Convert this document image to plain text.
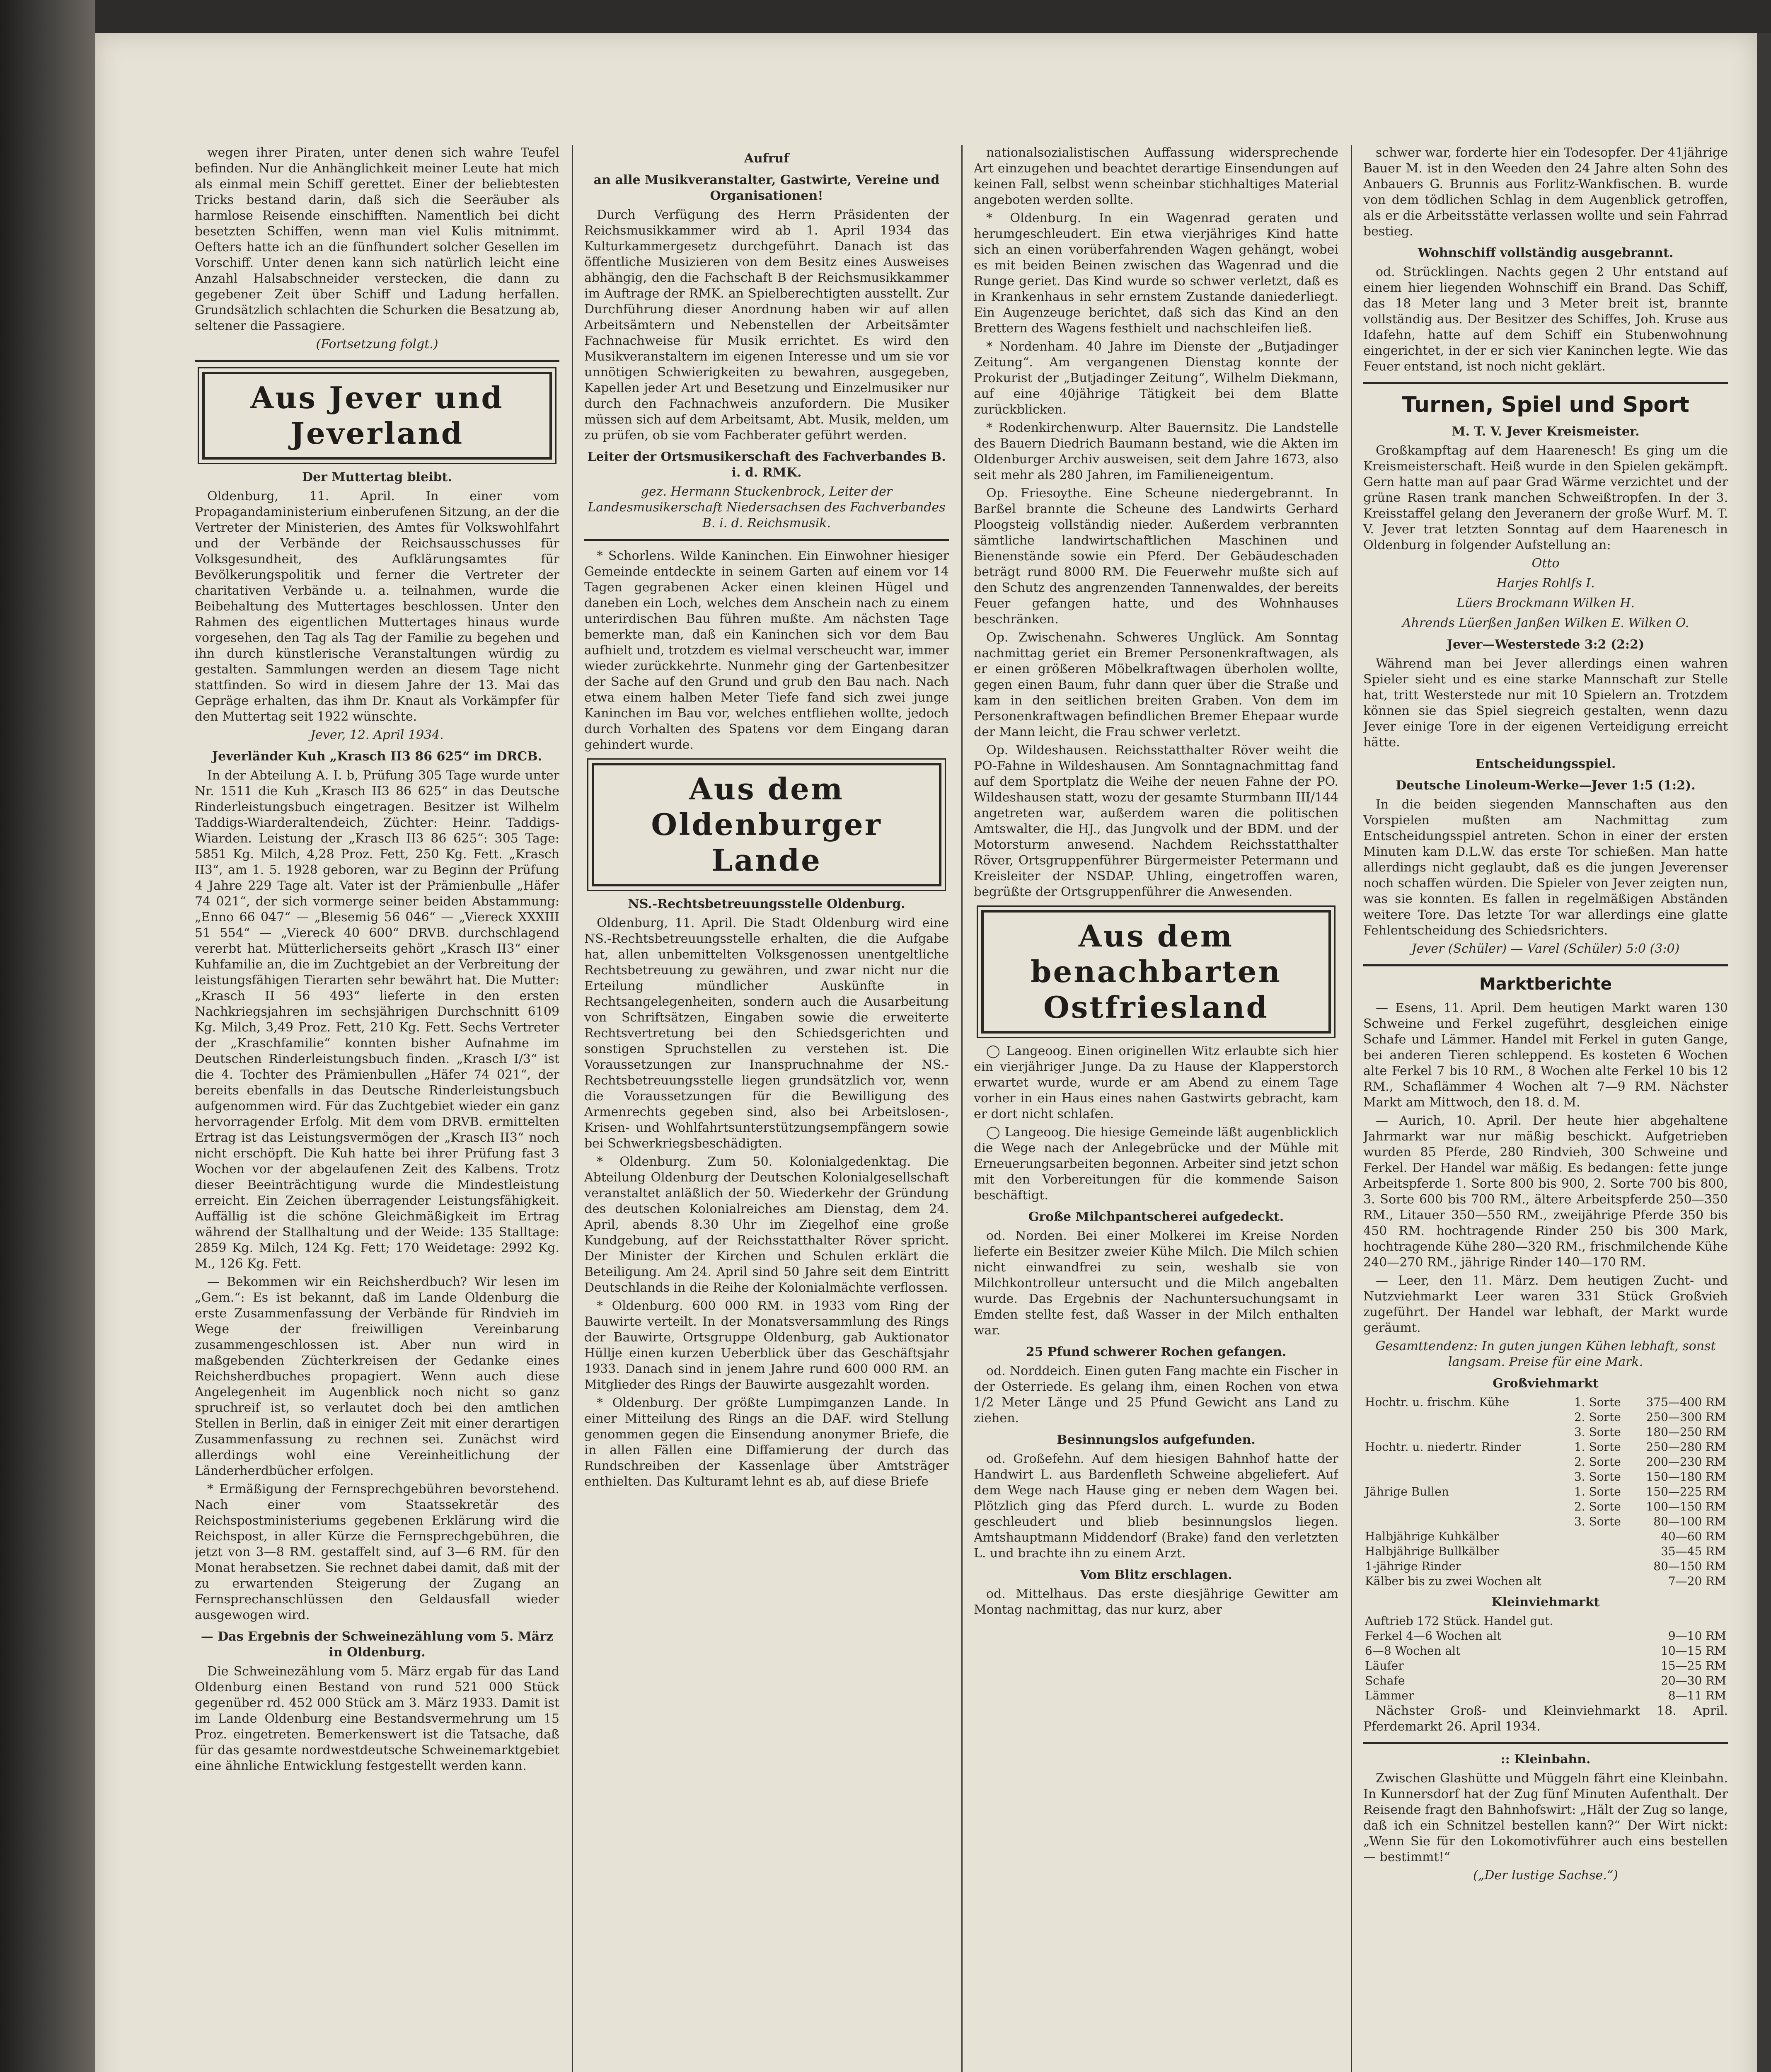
wegen ihrer Piraten, unter denen sich wahre Teufel befinden. Nur die Anhänglichkeit meiner Leute hat mich als einmal mein Schiff gerettet. Einer der beliebtesten Tricks bestand darin, daß sich die Seeräuber als harmlose Reisende einschifften. Namentlich bei dicht besetzten Schiffen, wenn man viel Kulis mitnimmt. Oefters hatte ich an die fünfhundert solcher Gesellen im Vorschiff. Unter denen kann sich natürlich leicht eine Anzahl Halsabschneider verstecken, die dann zu gegebener Zeit über Schiff und Ladung herfallen. Grundsätzlich schlachten die Schurken die Besatzung ab, seltener die Passagiere.

(Fortsetzung folgt.)

Aus Jever und Jeverland

Der Muttertag bleibt.

Oldenburg, 11. April. In einer vom Propagandaministerium einberufenen Sitzung, an der die Vertreter der Ministerien, des Amtes für Volkswohlfahrt und der Verbände der Reichsausschusses für Volksgesundheit, des Aufklärungsamtes für Bevölkerungspolitik und ferner die Vertreter der charitativen Verbände u. a. teilnahmen, wurde die Beibehaltung des Muttertages beschlossen. Unter den Rahmen des eigentlichen Muttertages hinaus wurde vorgesehen, den Tag als Tag der Familie zu begehen und ihn durch künstlerische Veranstaltungen würdig zu gestalten. Sammlungen werden an diesem Tage nicht stattfinden. So wird in diesem Jahre der 13. Mai das Gepräge erhalten, das ihm Dr. Knaut als Vorkämpfer für den Muttertag seit 1922 wünschte.

Jever, 12. April 1934.

Jeverländer Kuh „Krasch II3 86 625“ im DRCB.

In der Abteilung A. I. b, Prüfung 305 Tage wurde unter Nr. 1511 die Kuh „Krasch II3 86 625“ in das Deutsche Rinderleistungsbuch eingetragen. Besitzer ist Wilhelm Taddigs-Wiarderaltendeich, Züchter: Heinr. Taddigs-Wiarden. Leistung der „Krasch II3 86 625“: 305 Tage: 5851 Kg. Milch, 4,28 Proz. Fett, 250 Kg. Fett. „Krasch II3“, am 1. 5. 1928 geboren, war zu Beginn der Prüfung 4 Jahre 229 Tage alt. Vater ist der Prämienbulle „Häfer 74 021“, der sich vormerge seiner beiden Abstammung: „Enno 66 047“ — „Blesemig 56 046“ — „Viereck XXXIII 51 554“ — „Viereck 40 600“ DRVB. durchschlagend vererbt hat. Mütterlicherseits gehört „Krasch II3“ einer Kuhfamilie an, die im Zuchtgebiet an der Verbreitung der leistungsfähigen Tierarten sehr bewährt hat. Die Mutter: „Krasch II 56 493“ lieferte in den ersten Nachkriegsjahren im sechsjährigen Durchschnitt 6109 Kg. Milch, 3,49 Proz. Fett, 210 Kg. Fett. Sechs Vertreter der „Kraschfamilie“ konnten bisher Aufnahme im Deutschen Rinderleistungsbuch finden. „Krasch I/3“ ist die 4. Tochter des Prämienbullen „Häfer 74 021“, der bereits ebenfalls in das Deutsche Rinderleistungsbuch aufgenommen wird. Für das Zuchtgebiet wieder ein ganz hervorragender Erfolg. Mit dem vom DRVB. ermittelten Ertrag ist das Leistungsvermögen der „Krasch II3“ noch nicht erschöpft. Die Kuh hatte bei ihrer Prüfung fast 3 Wochen vor der abgelaufenen Zeit des Kalbens. Trotz dieser Beeinträchtigung wurde die Mindestleistung erreicht. Ein Zeichen überragender Leistungsfähigkeit. Auffällig ist die schöne Gleichmäßigkeit im Ertrag während der Stallhaltung und der Weide: 135 Stalltage: 2859 Kg. Milch, 124 Kg. Fett; 170 Weidetage: 2992 Kg. M., 126 Kg. Fett.

— Bekommen wir ein Reichsherdbuch? Wir lesen im „Gem.“: Es ist bekannt, daß im Lande Oldenburg die erste Zusammenfassung der Verbände für Rindvieh im Wege der freiwilligen Vereinbarung zusammengeschlossen ist. Aber nun wird in maßgebenden Züchterkreisen der Gedanke eines Reichsherdbuches propagiert. Wenn auch diese Angelegenheit im Augenblick noch nicht so ganz spruchreif ist, so verlautet doch bei den amtlichen Stellen in Berlin, daß in einiger Zeit mit einer derartigen Zusammenfassung zu rechnen sei. Zunächst wird allerdings wohl eine Vereinheitlichung der Länderherdbücher erfolgen.

* Ermäßigung der Fernsprechgebühren bevorstehend. Nach einer vom Staatssekretär des Reichspostministeriums gegebenen Erklärung wird die Reichspost, in aller Kürze die Fernsprechgebühren, die jetzt von 3—8 RM. gestaffelt sind, auf 3—6 RM. für den Monat herabsetzen. Sie rechnet dabei damit, daß mit der zu erwartenden Steigerung der Zugang an Fernsprechanschlüssen den Geldausfall wieder ausgewogen wird.

— Das Ergebnis der Schweinezählung vom 5. März in Oldenburg.

Die Schweinezählung vom 5. März ergab für das Land Oldenburg einen Bestand von rund 521 000 Stück gegenüber rd. 452 000 Stück am 3. März 1933. Damit ist im Lande Oldenburg eine Bestandsvermehrung um 15 Proz. eingetreten. Bemerkenswert ist die Tatsache, daß für das gesamte nordwestdeutsche Schweinemarktgebiet eine ähnliche Entwicklung festgestellt werden kann.

Aufruf

an alle Musikveranstalter, Gastwirte, Vereine und Organisationen!

Durch Verfügung des Herrn Präsidenten der Reichsmusikkammer wird ab 1. April 1934 das Kulturkammergesetz durchgeführt. Danach ist das öffentliche Musizieren von dem Besitz eines Ausweises abhängig, den die Fachschaft B der Reichsmusikkammer im Auftrage der RMK. an Spielberechtigten ausstellt. Zur Durchführung dieser Anordnung haben wir auf allen Arbeitsämtern und Nebenstellen der Arbeitsämter Fachnachweise für Musik errichtet. Es wird den Musikveranstaltern im eigenen Interesse und um sie vor unnötigen Schwierigkeiten zu bewahren, ausgegeben, Kapellen jeder Art und Besetzung und Einzelmusiker nur durch den Fachnachweis anzufordern. Die Musiker müssen sich auf dem Arbeitsamt, Abt. Musik, melden, um zu prüfen, ob sie vom Fachberater geführt werden.

Leiter der Ortsmusikerschaft des Fachverbandes B. i. d. RMK.

gez. Hermann Stuckenbrock, Leiter der Landesmusikerschaft Niedersachsen des Fachverbandes B. i. d. Reichsmusik.

* Schorlens. Wilde Kaninchen. Ein Einwohner hiesiger Gemeinde entdeckte in seinem Garten auf einem vor 14 Tagen gegrabenen Acker einen kleinen Hügel und daneben ein Loch, welches dem Anschein nach zu einem unterirdischen Bau führen mußte. Am nächsten Tage bemerkte man, daß ein Kaninchen sich vor dem Bau aufhielt und, trotzdem es vielmal verscheucht war, immer wieder zurückkehrte. Nunmehr ging der Gartenbesitzer der Sache auf den Grund und grub den Bau nach. Nach etwa einem halben Meter Tiefe fand sich zwei junge Kaninchen im Bau vor, welches entfliehen wollte, jedoch durch Vorhalten des Spatens vor dem Eingang daran gehindert wurde.

Aus dem Oldenburger Lande

NS.-Rechtsbetreuungsstelle Oldenburg.

Oldenburg, 11. April. Die Stadt Oldenburg wird eine NS.-Rechtsbetreuungsstelle erhalten, die die Aufgabe hat, allen unbemittelten Volksgenossen unentgeltliche Rechtsbetreuung zu gewähren, und zwar nicht nur die Erteilung mündlicher Auskünfte in Rechtsangelegenheiten, sondern auch die Ausarbeitung von Schriftsätzen, Eingaben sowie die erweiterte Rechtsvertretung bei den Schiedsgerichten und sonstigen Spruchstellen zu verstehen ist. Die Voraussetzungen zur Inanspruchnahme der NS.-Rechtsbetreuungsstelle liegen grundsätzlich vor, wenn die Voraussetzungen für die Bewilligung des Armenrechts gegeben sind, also bei Arbeitslosen-, Krisen- und Wohlfahrtsunterstützungsempfängern sowie bei Schwerkriegsbeschädigten.

* Oldenburg. Zum 50. Kolonialgedenktag. Die Abteilung Oldenburg der Deutschen Kolonialgesellschaft veranstaltet anläßlich der 50. Wiederkehr der Gründung des deutschen Kolonialreiches am Dienstag, dem 24. April, abends 8.30 Uhr im Ziegelhof eine große Kundgebung, auf der Reichsstatthalter Röver spricht. Der Minister der Kirchen und Schulen erklärt die Beteiligung. Am 24. April sind 50 Jahre seit dem Eintritt Deutschlands in die Reihe der Kolonialmächte verflossen.

* Oldenburg. 600 000 RM. in 1933 vom Ring der Bauwirte verteilt. In der Monatsversammlung des Rings der Bauwirte, Ortsgruppe Oldenburg, gab Auktionator Hüllje einen kurzen Ueberblick über das Geschäftsjahr 1933. Danach sind in jenem Jahre rund 600 000 RM. an Mitglieder des Rings der Bauwirte ausgezahlt worden.

* Oldenburg. Der größte Lumpimganzen Lande. In einer Mitteilung des Rings an die DAF. wird Stellung genommen gegen die Einsendung anonymer Briefe, die in allen Fällen eine Diffamierung der durch das Rundschreiben der Kassenlage über Amtsträger enthielten. Das Kulturamt lehnt es ab, auf diese Briefe

nationalsozialistischen Auffassung widersprechende Art einzugehen und beachtet derartige Einsendungen auf keinen Fall, selbst wenn scheinbar stichhaltiges Material angeboten werden sollte.

* Oldenburg. In ein Wagenrad geraten und herumgeschleudert. Ein etwa vierjähriges Kind hatte sich an einen vorüberfahrenden Wagen gehängt, wobei es mit beiden Beinen zwischen das Wagenrad und die Runge geriet. Das Kind wurde so schwer verletzt, daß es in Krankenhaus in sehr ernstem Zustande daniederliegt. Ein Augenzeuge berichtet, daß sich das Kind an den Brettern des Wagens festhielt und nachschleifen ließ.

* Nordenham. 40 Jahre im Dienste der „Butjadinger Zeitung“. Am vergangenen Dienstag konnte der Prokurist der „Butjadinger Zeitung“, Wilhelm Diekmann, auf eine 40jährige Tätigkeit bei dem Blatte zurückblicken.

* Rodenkirchenwurp. Alter Bauernsitz. Die Landstelle des Bauern Diedrich Baumann bestand, wie die Akten im Oldenburger Archiv ausweisen, seit dem Jahre 1673, also seit mehr als 280 Jahren, im Familieneigentum.

Op. Friesoythe. Eine Scheune niedergebrannt. In Barßel brannte die Scheune des Landwirts Gerhard Ploogsteig vollständig nieder. Außerdem verbrannten sämtliche landwirtschaftlichen Maschinen und Bienenstände sowie ein Pferd. Der Gebäudeschaden beträgt rund 8000 RM. Die Feuerwehr mußte sich auf den Schutz des angrenzenden Tannenwaldes, der bereits Feuer gefangen hatte, und des Wohnhauses beschränken.

Op. Zwischenahn. Schweres Unglück. Am Sonntag nachmittag geriet ein Bremer Personenkraftwagen, als er einen größeren Möbelkraftwagen überholen wollte, gegen einen Baum, fuhr dann quer über die Straße und kam in den seitlichen breiten Graben. Von dem im Personenkraftwagen befindlichen Bremer Ehepaar wurde der Mann leicht, die Frau schwer verletzt.

Op. Wildeshausen. Reichsstatthalter Röver weiht die PO-Fahne in Wildeshausen. Am Sonntagnachmittag fand auf dem Sportplatz die Weihe der neuen Fahne der PO. Wildeshausen statt, wozu der gesamte Sturmbann III/144 angetreten war, außerdem waren die politischen Amtswalter, die HJ., das Jungvolk und der BDM. und der Motorsturm anwesend. Nachdem Reichsstatthalter Röver, Ortsgruppenführer Bürgermeister Petermann und Kreisleiter der NSDAP. Uhling, eingetroffen waren, begrüßte der Ortsgruppenführer die Anwesenden.

Aus dem benachbarten Ostfriesland

◯ Langeoog. Einen originellen Witz erlaubte sich hier ein vierjähriger Junge. Da zu Hause der Klapperstorch erwartet wurde, wurde er am Abend zu einem Tage vorher in ein Haus eines nahen Gastwirts gebracht, kam er dort nicht schlafen.

◯ Langeoog. Die hiesige Gemeinde läßt augenblicklich die Wege nach der Anlegebrücke und der Mühle mit Erneuerungsarbeiten begonnen. Arbeiter sind jetzt schon mit den Vorbereitungen für die kommende Saison beschäftigt.

Große Milchpantscherei aufgedeckt.

od. Norden. Bei einer Molkerei im Kreise Norden lieferte ein Besitzer zweier Kühe Milch. Die Milch schien nicht einwandfrei zu sein, weshalb sie von Milchkontrolleur untersucht und die Milch angebalten wurde. Das Ergebnis der Nachuntersuchungsamt in Emden stellte fest, daß Wasser in der Milch enthalten war.

25 Pfund schwerer Rochen gefangen.

od. Norddeich. Einen guten Fang machte ein Fischer in der Osterriede. Es gelang ihm, einen Rochen von etwa 1/2 Meter Länge und 25 Pfund Gewicht ans Land zu ziehen.

Besinnungslos aufgefunden.

od. Großefehn. Auf dem hiesigen Bahnhof hatte der Handwirt L. aus Bardenfleth Schweine abgeliefert. Auf dem Wege nach Hause ging er neben dem Wagen bei. Plötzlich ging das Pferd durch. L. wurde zu Boden geschleudert und blieb besinnungslos liegen. Amtshauptmann Middendorf (Brake) fand den verletzten L. und brachte ihn zu einem Arzt.

Vom Blitz erschlagen.

od. Mittelhaus. Das erste diesjährige Gewitter am Montag nachmittag, das nur kurz, aber

schwer war, forderte hier ein Todesopfer. Der 41jährige Bauer M. ist in den Weeden den 24 Jahre alten Sohn des Anbauers G. Brunnis aus Forlitz-Wankfischen. B. wurde von dem tödlichen Schlag in dem Augenblick getroffen, als er die Arbeitsstätte verlassen wollte und sein Fahrrad bestieg.

Wohnschiff vollständig ausgebrannt.

od. Strücklingen. Nachts gegen 2 Uhr entstand auf einem hier liegenden Wohnschiff ein Brand. Das Schiff, das 18 Meter lang und 3 Meter breit ist, brannte vollständig aus. Der Besitzer des Schiffes, Joh. Kruse aus Idafehn, hatte auf dem Schiff ein Stubenwohnung eingerichtet, in der er sich vier Kaninchen legte. Wie das Feuer entstand, ist noch nicht geklärt.

Turnen, Spiel und Sport

M. T. V. Jever Kreismeister.

Großkampftag auf dem Haarenesch! Es ging um die Kreismeisterschaft. Heiß wurde in den Spielen gekämpft. Gern hatte man auf paar Grad Wärme verzichtet und der grüne Rasen trank manchen Schweißtropfen. In der 3. Kreisstaffel gelang den Jeveranern der große Wurf. M. T. V. Jever trat letzten Sonntag auf dem Haarenesch in Oldenburg in folgender Aufstellung an:

Otto

Harjes Rohlfs I.

Lüers Brockmann Wilken H.

Ahrends Lüerßen Janßen Wilken E. Wilken O.

Jever—Westerstede 3:2 (2:2)

Während man bei Jever allerdings einen wahren Spieler sieht und es eine starke Mannschaft zur Stelle hat, tritt Westerstede nur mit 10 Spielern an. Trotzdem können sie das Spiel siegreich gestalten, wenn dazu Jever einige Tore in der eigenen Verteidigung erreicht hätte.

Entscheidungsspiel.

Deutsche Linoleum-Werke—Jever 1:5 (1:2).

In die beiden siegenden Mannschaften aus den Vorspielen mußten am Nachmittag zum Entscheidungsspiel antreten. Schon in einer der ersten Minuten kam D.L.W. das erste Tor schießen. Man hatte allerdings nicht geglaubt, daß es die jungen Jeverenser noch schaffen würden. Die Spieler von Jever zeigten nun, was sie konnten. Es fallen in regelmäßigen Abständen weitere Tore. Das letzte Tor war allerdings eine glatte Fehlentscheidung des Schiedsrichters.

Jever (Schüler) — Varel (Schüler) 5:0 (3:0)

Marktberichte

— Esens, 11. April. Dem heutigen Markt waren 130 Schweine und Ferkel zugeführt, desgleichen einige Schafe und Lämmer. Handel mit Ferkel in guten Gange, bei anderen Tieren schleppend. Es kosteten 6 Wochen alte Ferkel 7 bis 10 RM., 8 Wochen alte Ferkel 10 bis 12 RM., Schaflämmer 4 Wochen alt 7—9 RM. Nächster Markt am Mittwoch, den 18. d. M.

— Aurich, 10. April. Der heute hier abgehaltene Jahrmarkt war nur mäßig beschickt. Aufgetrieben wurden 85 Pferde, 280 Rindvieh, 300 Schweine und Ferkel. Der Handel war mäßig. Es bedangen: fette junge Arbeitspferde 1. Sorte 800 bis 900, 2. Sorte 700 bis 800, 3. Sorte 600 bis 700 RM., ältere Arbeitspferde 250—350 RM., Litauer 350—550 RM., zweijährige Pferde 350 bis 450 RM. hochtragende Rinder 250 bis 300 Mark, hochtragende Kühe 280—320 RM., frischmilchende Kühe 240—270 RM., jährige Rinder 140—170 RM.

— Leer, den 11. März. Dem heutigen Zucht- und Nutzviehmarkt Leer waren 331 Stück Großvieh zugeführt. Der Handel war lebhaft, der Markt wurde geräumt.

Gesamttendenz: In guten jungen Kühen lebhaft, sonst langsam. Preise für eine Mark.

Großviehmarkt

Hochtr. u. frischm. Kühe	1. Sorte	375—400 RM
	2. Sorte	250—300 RM
	3. Sorte	180—250 RM
Hochtr. u. niedertr. Rinder	1. Sorte	250—280 RM
	2. Sorte	200—230 RM
	3. Sorte	150—180 RM
Jährige Bullen	1. Sorte	150—225 RM
	2. Sorte	100—150 RM
	3. Sorte	80—100 RM
Halbjährige Kuhkälber		40—60 RM
Halbjährige Bullkälber		35—45 RM
1-jährige Rinder		80—150 RM
Kälber bis zu zwei Wochen alt		7—20 RM

Kleinviehmarkt

Auftrieb 172 Stück. Handel gut.	
Ferkel 4—6 Wochen alt	9—10 RM
6—8 Wochen alt	10—15 RM
Läufer	15—25 RM
Schafe	20—30 RM
Lämmer	8—11 RM

Nächster Groß- und Kleinviehmarkt 18. April. Pferdemarkt 26. April 1934.

:: Kleinbahn.

Zwischen Glashütte und Müggeln fährt eine Kleinbahn. In Kunnersdorf hat der Zug fünf Minuten Aufenthalt. Der Reisende fragt den Bahnhofswirt: „Hält der Zug so lange, daß ich ein Schnitzel bestellen kann?“ Der Wirt nickt: „Wenn Sie für den Lokomotivführer auch eins bestellen — bestimmt!“

(„Der lustige Sachse.“)
